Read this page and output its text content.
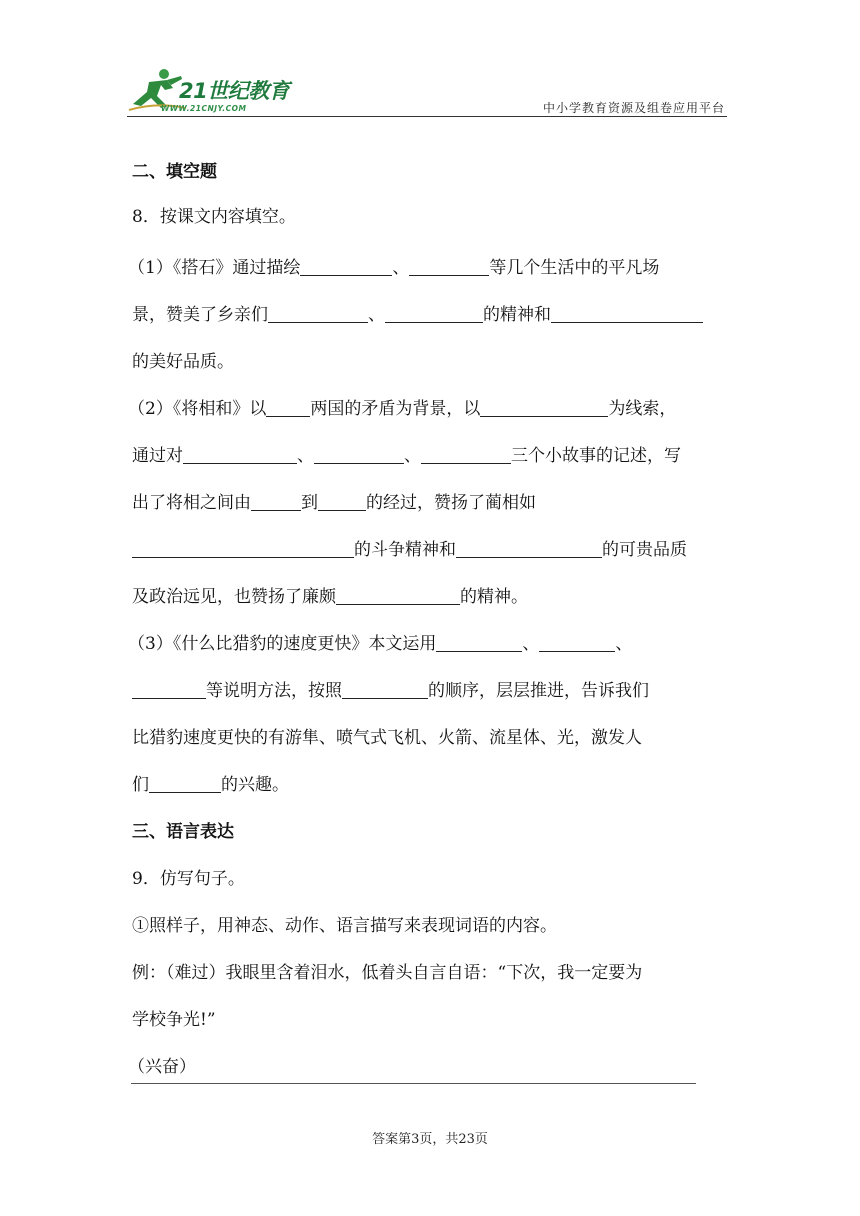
21世纪教育
WWW.21CNJY.COM	中小学教育资源及组卷应用平台
二、填空题
8．按课文内容填空。
（1）《搭石》通过描绘	、	等几个生活中的平凡场
景，赞美了乡亲们	、	的精神和
的美好品质。
（2）《将相和》以	两国的矛盾为背景，以	为线索，
通过对	、	、	三个小故事的记述，写
出了将相之间由	到	的经过，赞扬了蔺相如
的斗争精神和	的可贵品质
及政治远见，也赞扬了廉颇	的精神。
（3）《什么比猎豹的速度更快》本文运用	、	、
等说明方法，按照	的顺序，层层推进，告诉我们
比猎豹速度更快的有游隼、喷气式飞机、火箭、流星体、光，激发人
们	的兴趣。
三、语言表达
9．仿写句子。
①照样子，用神态、动作、语言描写来表现词语的内容。
例：（难过）我眼里含着泪水，低着头自言自语：“下次，我一定要为
学校争光!”
（兴奋）
答案第3页，共23页
